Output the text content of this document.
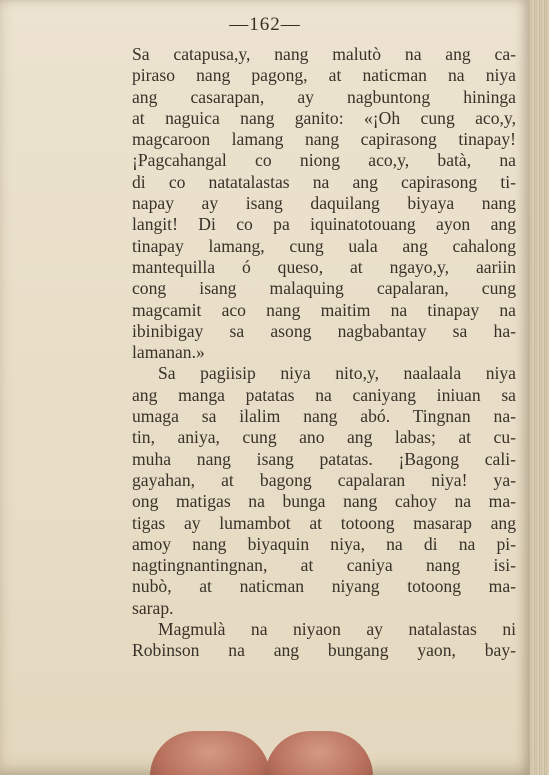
—162—
Sa catapusa,y, nang malutò na ang ca-
piraso nang pagong, at naticman na niya
ang casarapan, ay nagbuntong hininga
at naguica nang ganito: «¡Oh cung aco,y,
magcaroon lamang nang capirasong tinapay!
¡Pagcahangal co niong aco,y, batà, na
di co natatalastas na ang capirasong ti-
napay ay isang daquilang biyaya nang
langit! Di co pa iquinatotouang ayon ang
tinapay lamang, cung uala ang cahalong
mantequilla ó queso, at ngayo,y, aariin
cong isang malaquing capalaran, cung
magcamit aco nang maitim na tinapay na
ibinibigay sa asong nagbabantay sa ha-
lamanan.»
Sa pagiisip niya nito,y, naalaala niya
ang manga patatas na caniyang iniuan sa
umaga sa ilalim nang abó. Tingnan na-
tin, aniya, cung ano ang labas; at cu-
muha nang isang patatas. ¡Bagong cali-
gayahan, at bagong capalaran niya! ya-
ong matigas na bunga nang cahoy na ma-
tigas ay lumambot at totoong masarap ang
amoy nang biyaquin niya, na di na pi-
nagtingnantingnan, at caniya nang isi-
nubò, at naticman niyang totoong ma-
sarap.
Magmulà na niyaon ay natalastas ni
Robinson na ang bungang yaon, bay-
